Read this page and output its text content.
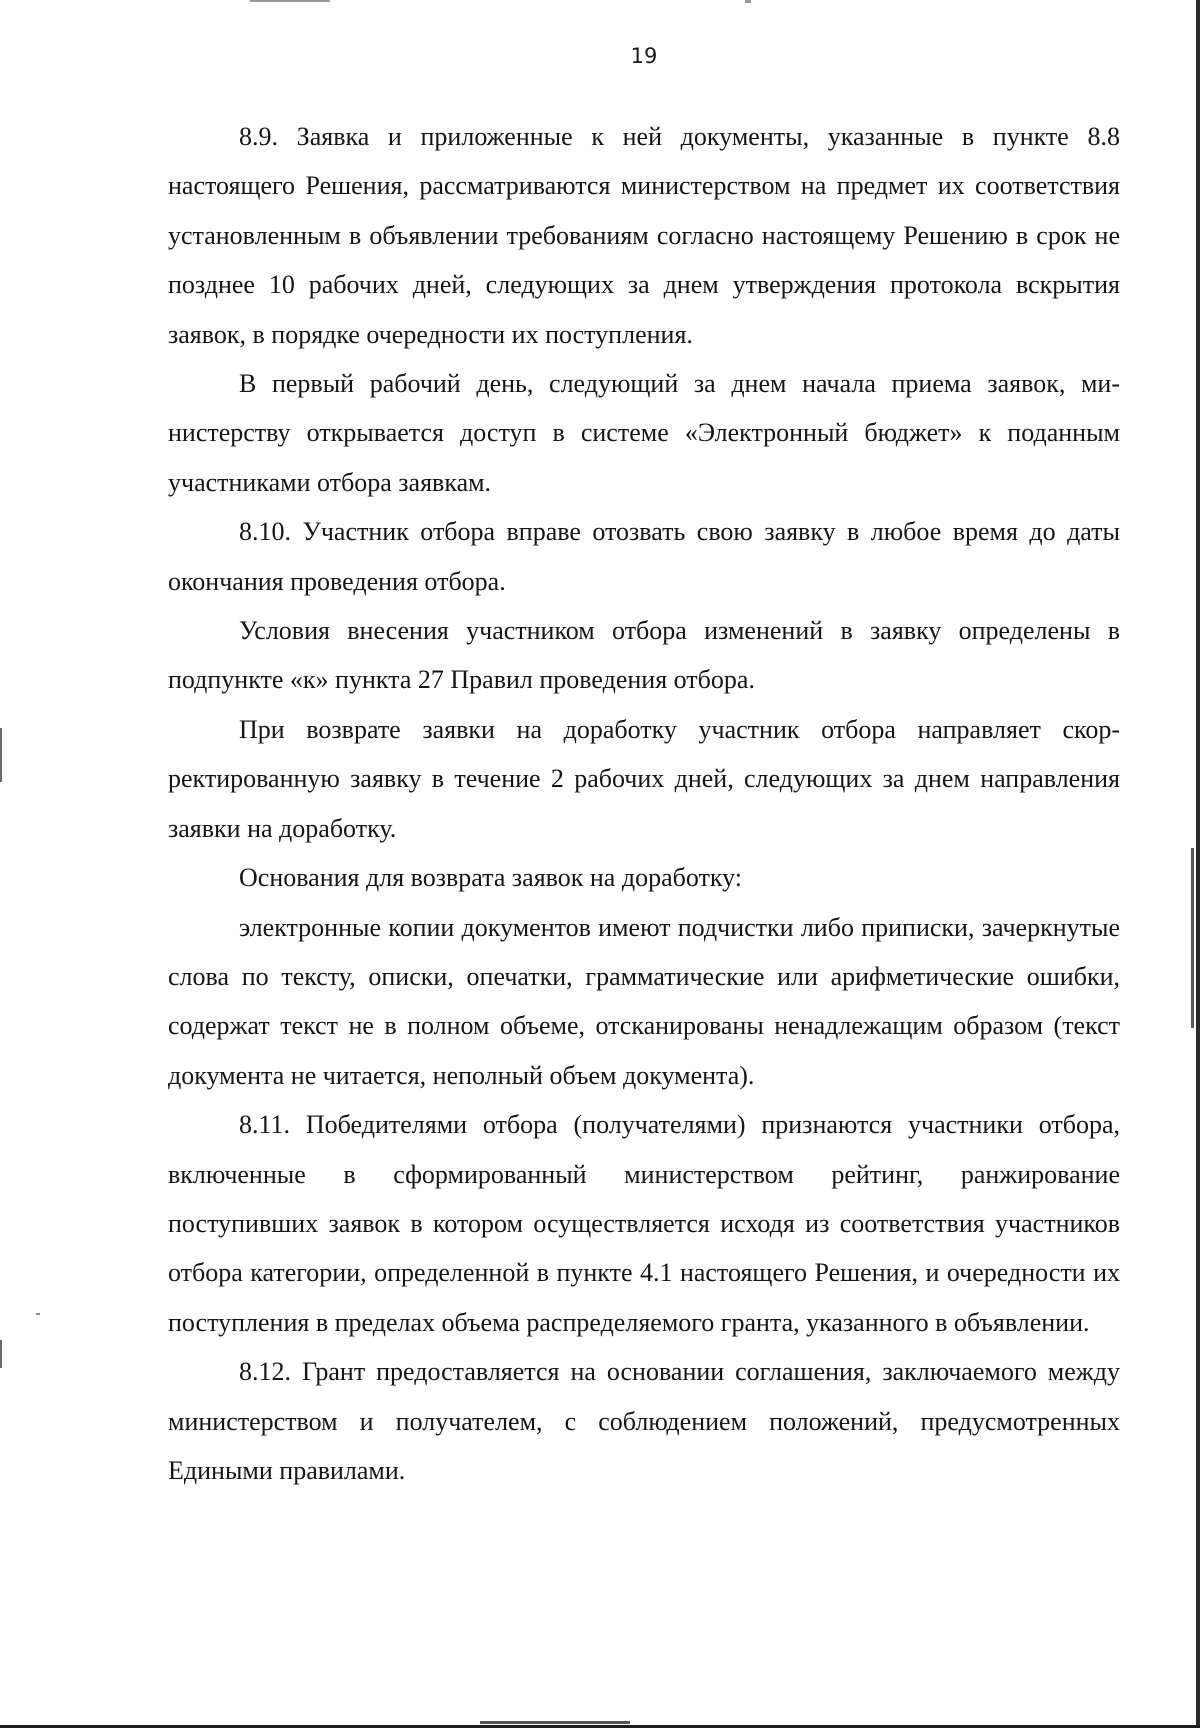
19

8.9. Заявка и приложенные к ней документы, указанные в пункте 8.8 настоящего Решения, рассматриваются министерством на предмет их соответствия установленным в объявлении требованиям согласно настоящему Решению в срок не позднее 10 рабочих дней, следующих за днем утверждения протокола вскрытия заявок, в порядке очередности их поступления.

В первый рабочий день, следующий за днем начала приема заявок, министерству открывается доступ в системе «Электронный бюджет» к поданным участниками отбора заявкам.

8.10. Участник отбора вправе отозвать свою заявку в любое время до даты окончания проведения отбора.

Условия внесения участником отбора изменений в заявку определены в подпункте «к» пункта 27 Правил проведения отбора.

При возврате заявки на доработку участник отбора направляет скорректированную заявку в течение 2 рабочих дней, следующих за днем направления заявки на доработку.

Основания для возврата заявок на доработку:

электронные копии документов имеют подчистки либо приписки, зачеркнутые слова по тексту, описки, опечатки, грамматические или арифметические ошибки, содержат текст не в полном объеме, отсканированы ненадлежащим образом (текст документа не читается, неполный объем документа).

8.11. Победителями отбора (получателями) признаются участники отбора, включенные в сформированный министерством рейтинг, ранжирование поступивших заявок в котором осуществляется исходя из соответствия участников отбора категории, определенной в пункте 4.1 настоящего Решения, и очередности их поступления в пределах объема распределяемого гранта, указанного в объявлении.

8.12. Грант предоставляется на основании соглашения, заключаемого между министерством и получателем, с соблюдением положений, предусмотренных Едиными правилами.
